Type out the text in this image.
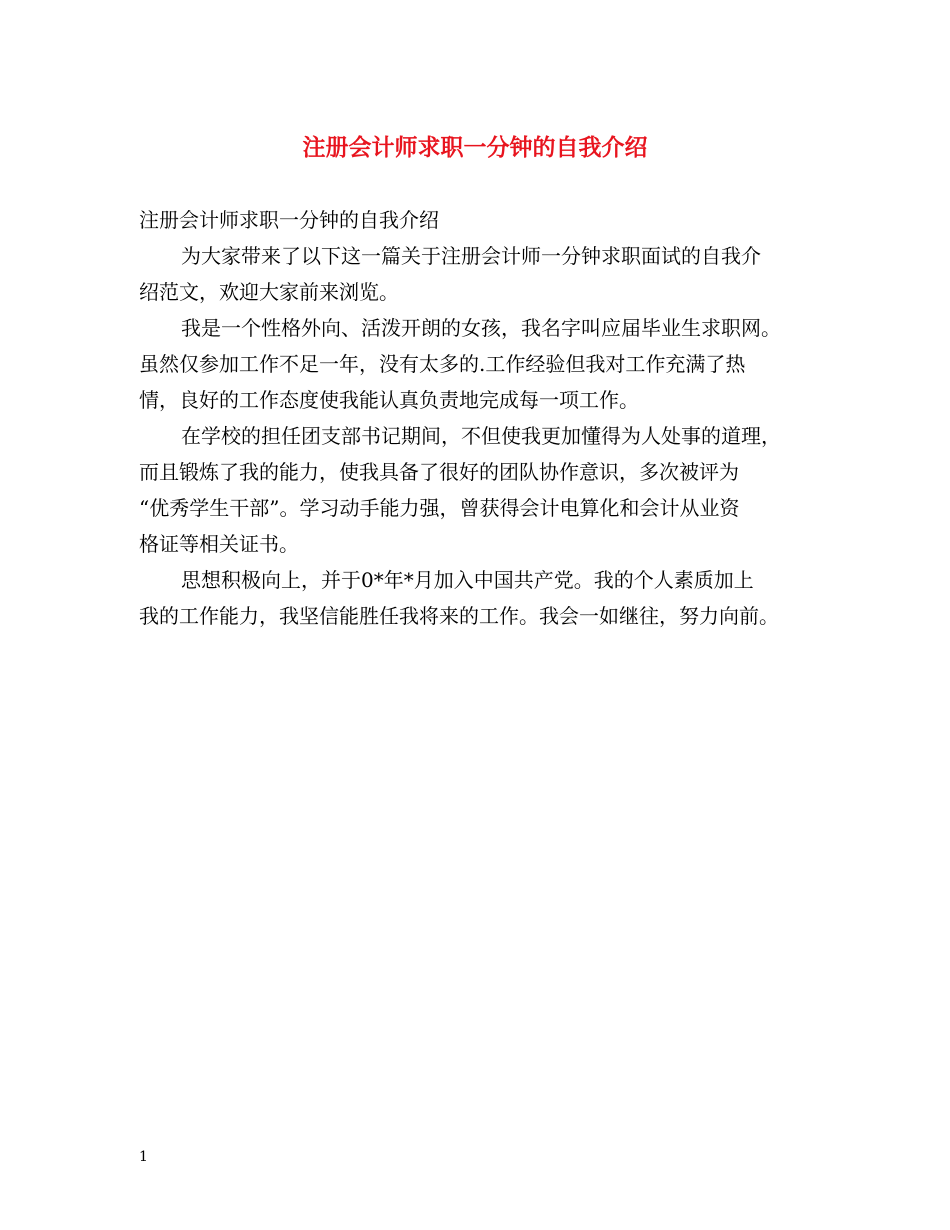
注册会计师求职一分钟的自我介绍
注册会计师求职一分钟的自我介绍
为大家带来了以下这一篇关于注册会计师一分钟求职面试的自我介
绍范文，欢迎大家前来浏览。
我是一个性格外向、活泼开朗的女孩，我名字叫应届毕业生求职网。
虽然仅参加工作不足一年，没有太多的.工作经验但我对工作充满了热
情，良好的工作态度使我能认真负责地完成每一项工作。
在学校的担任团支部书记期间，不但使我更加懂得为人处事的道理，
而且锻炼了我的能力，使我具备了很好的团队协作意识，多次被评为
“优秀学生干部”。学习动手能力强，曾获得会计电算化和会计从业资
格证等相关证书。
思想积极向上，并于0*年*月加入中国共产党。我的个人素质加上
我的工作能力，我坚信能胜任我将来的工作。我会一如继往，努力向前。
1
